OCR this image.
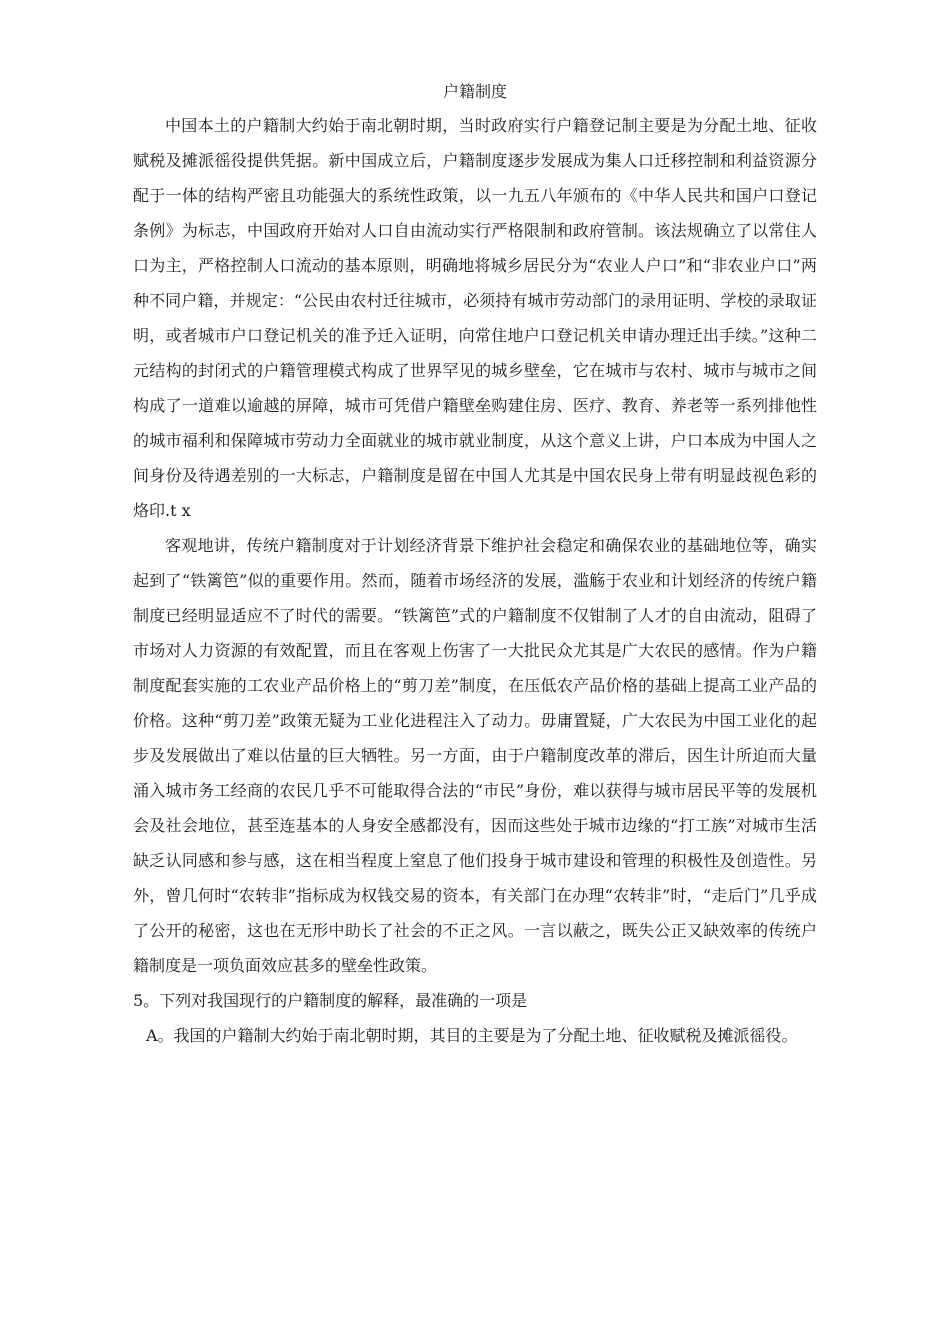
户籍制度

中国本土的户籍制大约始于南北朝时期，当时政府实行户籍登记制主要是为分配土地、征收赋税及摊派徭役提供凭据。新中国成立后，户籍制度逐步发展成为集人口迁移控制和利益资源分配于一体的结构严密且功能强大的系统性政策，以一九五八年颁布的《中华人民共和国户口登记条例》为标志，中国政府开始对人口自由流动实行严格限制和政府管制。该法规确立了以常住人口为主，严格控制人口流动的基本原则，明确地将城乡居民分为“农业人户口”和“非农业户口”两种不同户籍，并规定：“公民由农村迁往城市，必须持有城市劳动部门的录用证明、学校的录取证明，或者城市户口登记机关的准予迁入证明，向常住地户口登记机关申请办理迁出手续。”这种二元结构的封闭式的户籍管理模式构成了世界罕见的城乡壁垒，它在城市与农村、城市与城市之间构成了一道难以逾越的屏障，城市可凭借户籍壁垒购建住房、医疗、教育、养老等一系列排他性的城市福利和保障城市劳动力全面就业的城市就业制度，从这个意义上讲，户口本成为中国人之间身份及待遇差别的一大标志，户籍制度是留在中国人尤其是中国农民身上带有明显歧视色彩的烙印.t x

客观地讲，传统户籍制度对于计划经济背景下维护社会稳定和确保农业的基础地位等，确实起到了“铁篱笆”似的重要作用。然而，随着市场经济的发展，滥觞于农业和计划经济的传统户籍制度已经明显适应不了时代的需要。“铁篱笆”式的户籍制度不仅钳制了人才的自由流动，阻碍了市场对人力资源的有效配置，而且在客观上伤害了一大批民众尤其是广大农民的感情。作为户籍制度配套实施的工农业产品价格上的“剪刀差”制度，在压低农产品价格的基础上提高工业产品的价格。这种“剪刀差”政策无疑为工业化进程注入了动力。毋庸置疑，广大农民为中国工业化的起步及发展做出了难以估量的巨大牺牲。另一方面，由于户籍制度改革的滞后，因生计所迫而大量涌入城市务工经商的农民几乎不可能取得合法的“市民”身份，难以获得与城市居民平等的发展机会及社会地位，甚至连基本的人身安全感都没有，因而这些处于城市边缘的“打工族”对城市生活缺乏认同感和参与感，这在相当程度上窒息了他们投身于城市建设和管理的积极性及创造性。另外，曾几何时“农转非”指标成为权钱交易的资本，有关部门在办理“农转非”时，“走后门”几乎成了公开的秘密，这也在无形中助长了社会的不正之风。一言以蔽之，既失公正又缺效率的传统户籍制度是一项负面效应甚多的壁垒性政策。

5。下列对我国现行的户籍制度的解释，最准确的一项是

A。我国的户籍制大约始于南北朝时期，其目的主要是为了分配土地、征收赋税及摊派徭役。
